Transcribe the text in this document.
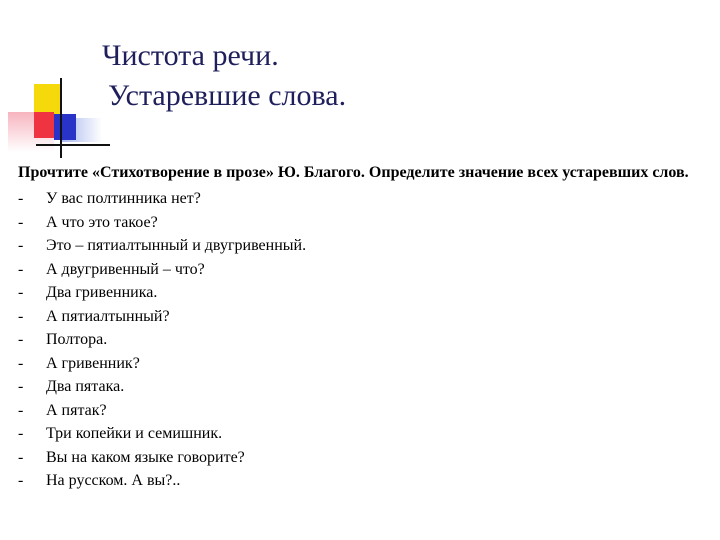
Чистота речи.
Устаревшие слова.

Прочтите «Стихотворение в прозе» Ю. Благого. Определите значение всех устаревших слов.

- У вас полтинника нет?
- А что это такое?
- Это – пятиалтынный и двугривенный.
- А двугривенный – что?
- Два гривенника.
- А пятиалтынный?
- Полтора.
- А гривенник?
- Два пятака.
- А пятак?
- Три копейки и семишник.
- Вы на каком языке говорите?
- На русском. А вы?..
